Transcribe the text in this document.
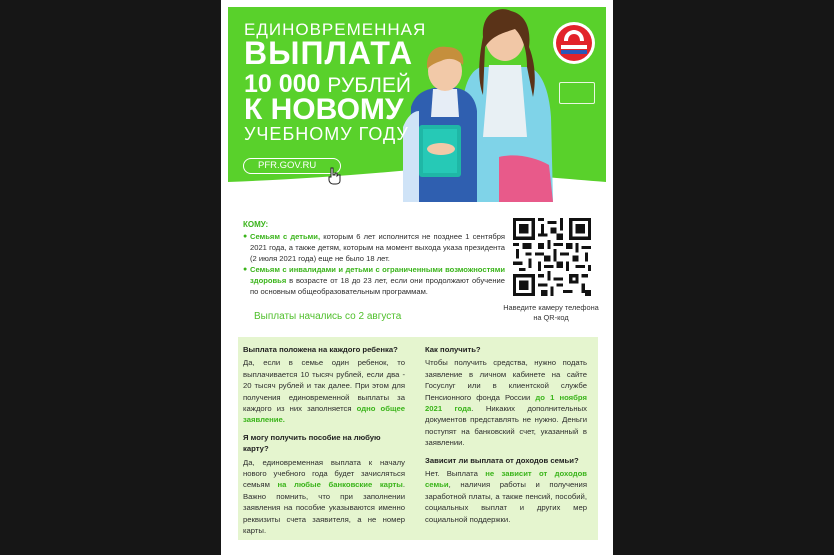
ЕДИНОВРЕМЕННАЯ
ВЫПЛАТА
10 000 РУБЛЕЙ
К НОВОМУ
УЧЕБНОМУ ГОДУ
PFR.GOV.RU
КОМУ:
● Семьям с детьми, которым 6 лет исполнится не позднее 1 сентября 2021 года, а также детям, которым на момент выхода указа президента (2 июля 2021 года) еще не было 18 лет.
● Семьям с инвалидами и детьми с ограниченными возможностями здоровья в возрасте от 18 до 23 лет, если они продолжают обучение по основным общеобразовательным программам.
Наведите камеру телефона на QR-код
Выплаты начались со 2 августа
Выплата положена на каждого ребенка?
Да, если в семье один ребенок, то выплачивается 10 тысяч рублей, если два - 20 тысяч рублей и так далее. При этом для получения единовременной выплаты за каждого из них заполняется одно общее заявление.
Я могу получить пособие на любую карту?
Да, единовременная выплата к началу нового учебного года будет зачисляться семьям на любые банковские карты. Важно помнить, что при заполнении заявления на пособие указываются именно реквизиты счета заявителя, а не номер карты.
Как получить?
Чтобы получить средства, нужно подать заявление в личном кабинете на сайте Госуслуг или в клиентской службе Пенсионного фонда России до 1 ноября 2021 года. Никаких дополнительных документов представлять не нужно. Деньги поступят на банковский счет, указанный в заявлении.
Зависит ли выплата от доходов семьи?
Нет. Выплата не зависит от доходов семьи, наличия работы и получения заработной платы, а также пенсий, пособий, социальных выплат и других мер социальной поддержки.
